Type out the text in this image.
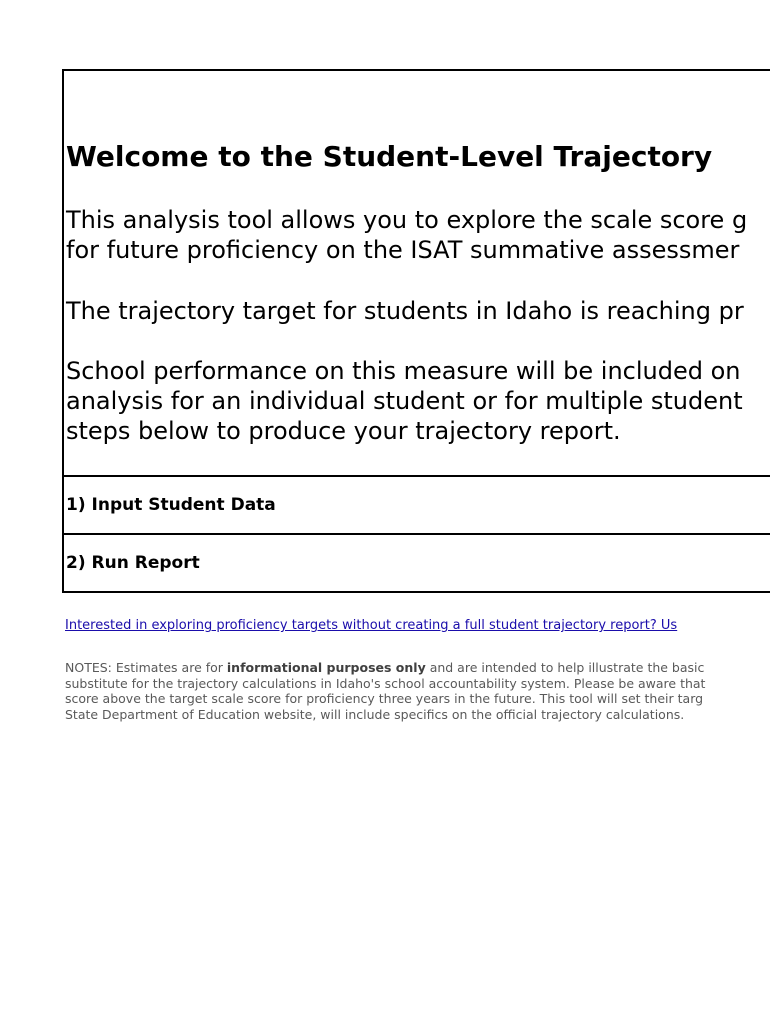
Welcome to the Student-Level Trajectory
This analysis tool allows you to explore the scale score g
for future proficiency on the ISAT summative assessmer
The trajectory target for students in Idaho is reaching pr
School performance on this measure will be included on
analysis for an individual student or for multiple student
steps below to produce your trajectory report.
1) Input Student Data
2) Run Report
Interested in exploring proficiency targets without creating a full student trajectory report? Us
NOTES: Estimates are for informational purposes only and are intended to help illustrate the basic
substitute for the trajectory calculations in Idaho's school accountability system. Please be aware that
score above the target scale score for proficiency three years in the future. This tool will set their targ
State Department of Education website, will include specifics on the official trajectory calculations.
